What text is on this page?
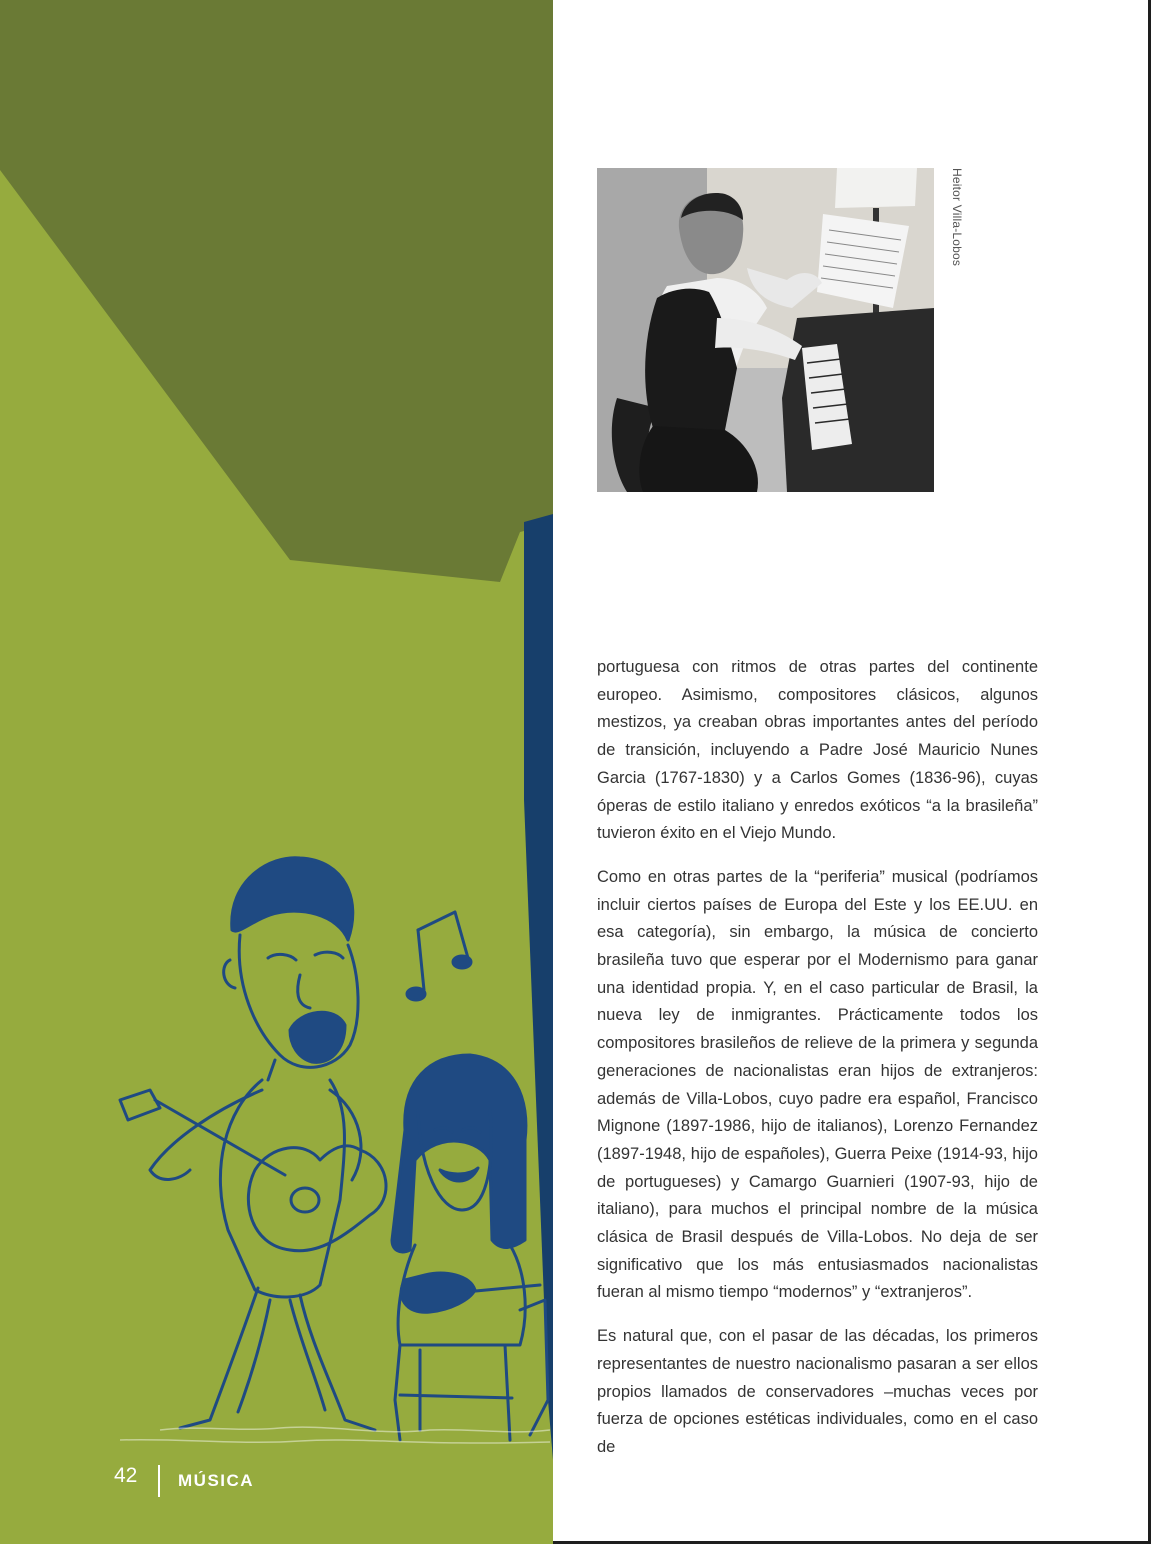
42 MÚSICA
Heitor Villa-Lobos

portuguesa con ritmos de otras partes del continente europeo. Asimismo, compositores clásicos, algunos mestizos, ya creaban obras importantes antes del período de transición, incluyendo a Padre José Mauricio Nunes Garcia (1767-1830) y a Carlos Gomes (1836-96), cuyas óperas de estilo italiano y enredos exóticos “a la brasileña” tuvieron éxito en el Viejo Mundo.

Como en otras partes de la “periferia” musical (podríamos incluir ciertos países de Europa del Este y los EE.UU. en esa categoría), sin embargo, la música de concierto brasileña tuvo que esperar por el Modernismo para ganar una identidad propia. Y, en el caso particular de Brasil, la nueva ley de inmigrantes. Prácticamente todos los compositores brasileños de relieve de la primera y segunda generaciones de nacionalistas eran hijos de extranjeros: además de Villa-Lobos, cuyo padre era español, Francisco Mignone (1897-1986, hijo de italianos), Lorenzo Fernandez (1897-1948, hijo de españoles), Guerra Peixe (1914-93, hijo de portugueses) y Camargo Guarnieri (1907-93, hijo de italiano), para muchos el principal nombre de la música clásica de Brasil después de Villa-Lobos. No deja de ser significativo que los más entusiasmados nacionalistas fueran al mismo tiempo “modernos” y “extranjeros”.

Es natural que, con el pasar de las décadas, los primeros representantes de nuestro nacionalismo pasaran a ser ellos propios llamados de conservadores –muchas veces por fuerza de opciones estéticas individuales, como en el caso de
